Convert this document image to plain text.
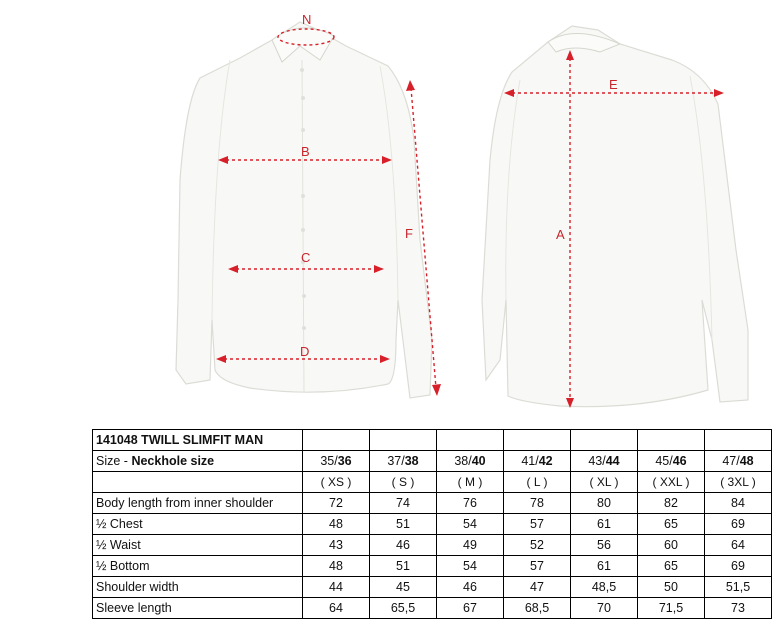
N
B
C
D
F
E
A
141048 TWILL SLIMFIT MAN							
Size - Neckhole size	35/36	37/38	38/40	41/42	43/44	45/46	47/48
	( XS )	( S )	( M )	( L )	( XL )	( XXL )	( 3XL )
Body length from inner shoulder	72	74	76	78	80	82	84
½ Chest	48	51	54	57	61	65	69
½ Waist	43	46	49	52	56	60	64
½ Bottom	48	51	54	57	61	65	69
Shoulder width	44	45	46	47	48,5	50	51,5
Sleeve length	64	65,5	67	68,5	70	71,5	73
